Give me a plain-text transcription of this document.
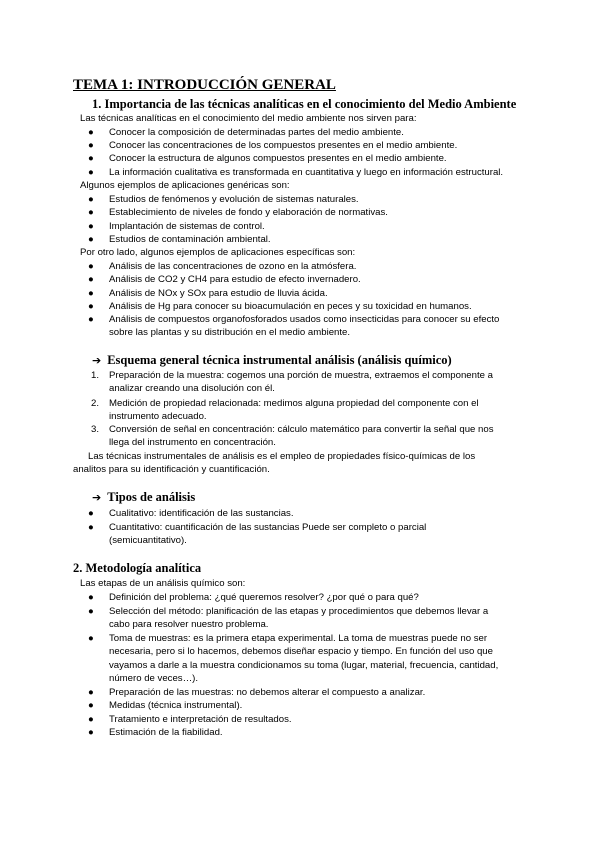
TEMA 1: INTRODUCCIÓN GENERAL
1. Importancia de las técnicas analíticas en el conocimiento del Medio Ambiente
Las técnicas analíticas en el conocimiento del medio ambiente nos sirven para:
● Conocer la composición de determinadas partes del medio ambiente.
● Conocer las concentraciones de los compuestos presentes en el medio ambiente.
● Conocer la estructura de algunos compuestos presentes en el medio ambiente.
● La información cualitativa es transformada en cuantitativa y luego en información estructural.
Algunos ejemplos de aplicaciones genéricas son:
● Estudios de fenómenos y evolución de sistemas naturales.
● Establecimiento de niveles de fondo y elaboración de normativas.
● Implantación de sistemas de control.
● Estudios de contaminación ambiental.
Por otro lado, algunos ejemplos de aplicaciones específicas son:
● Análisis de las concentraciones de ozono en la atmósfera.
● Análisis de CO2 y CH4 para estudio de efecto invernadero.
● Análisis de NOx y SOx para estudio de lluvia ácida.
● Análisis de Hg para conocer su bioacumulación en peces y su toxicidad en humanos.
● Análisis de compuestos organofosforados usados como insecticidas para conocer su efecto
sobre las plantas y su distribución en el medio ambiente.
➔ Esquema general técnica instrumental análisis (análisis químico)
1. Preparación de la muestra: cogemos una porción de muestra, extraemos el componente a
analizar creando una disolución con él.
2. Medición de propiedad relacionada: medimos alguna propiedad del componente con el
instrumento adecuado.
3. Conversión de señal en concentración: cálculo matemático para convertir la señal que nos
llega del instrumento en concentración.
Las técnicas instrumentales de análisis es el empleo de propiedades físico-químicas de los
analitos para su identificación y cuantificación.
➔ Tipos de análisis
● Cualitativo: identificación de las sustancias.
● Cuantitativo: cuantificación de las sustancias Puede ser completo o parcial
(semicuantitativo).
2. Metodología analítica
Las etapas de un análisis químico son:
● Definición del problema: ¿qué queremos resolver? ¿por qué o para qué?
● Selección del método: planificación de las etapas y procedimientos que debemos llevar a
cabo para resolver nuestro problema.
● Toma de muestras: es la primera etapa experimental. La toma de muestras puede no ser
necesaria, pero si lo hacemos, debemos diseñar espacio y tiempo. En función del uso que
vayamos a darle a la muestra condicionamos su toma (lugar, material, frecuencia, cantidad,
número de veces…).
● Preparación de las muestras: no debemos alterar el compuesto a analizar.
● Medidas (técnica instrumental).
● Tratamiento e interpretación de resultados.
● Estimación de la fiabilidad.
